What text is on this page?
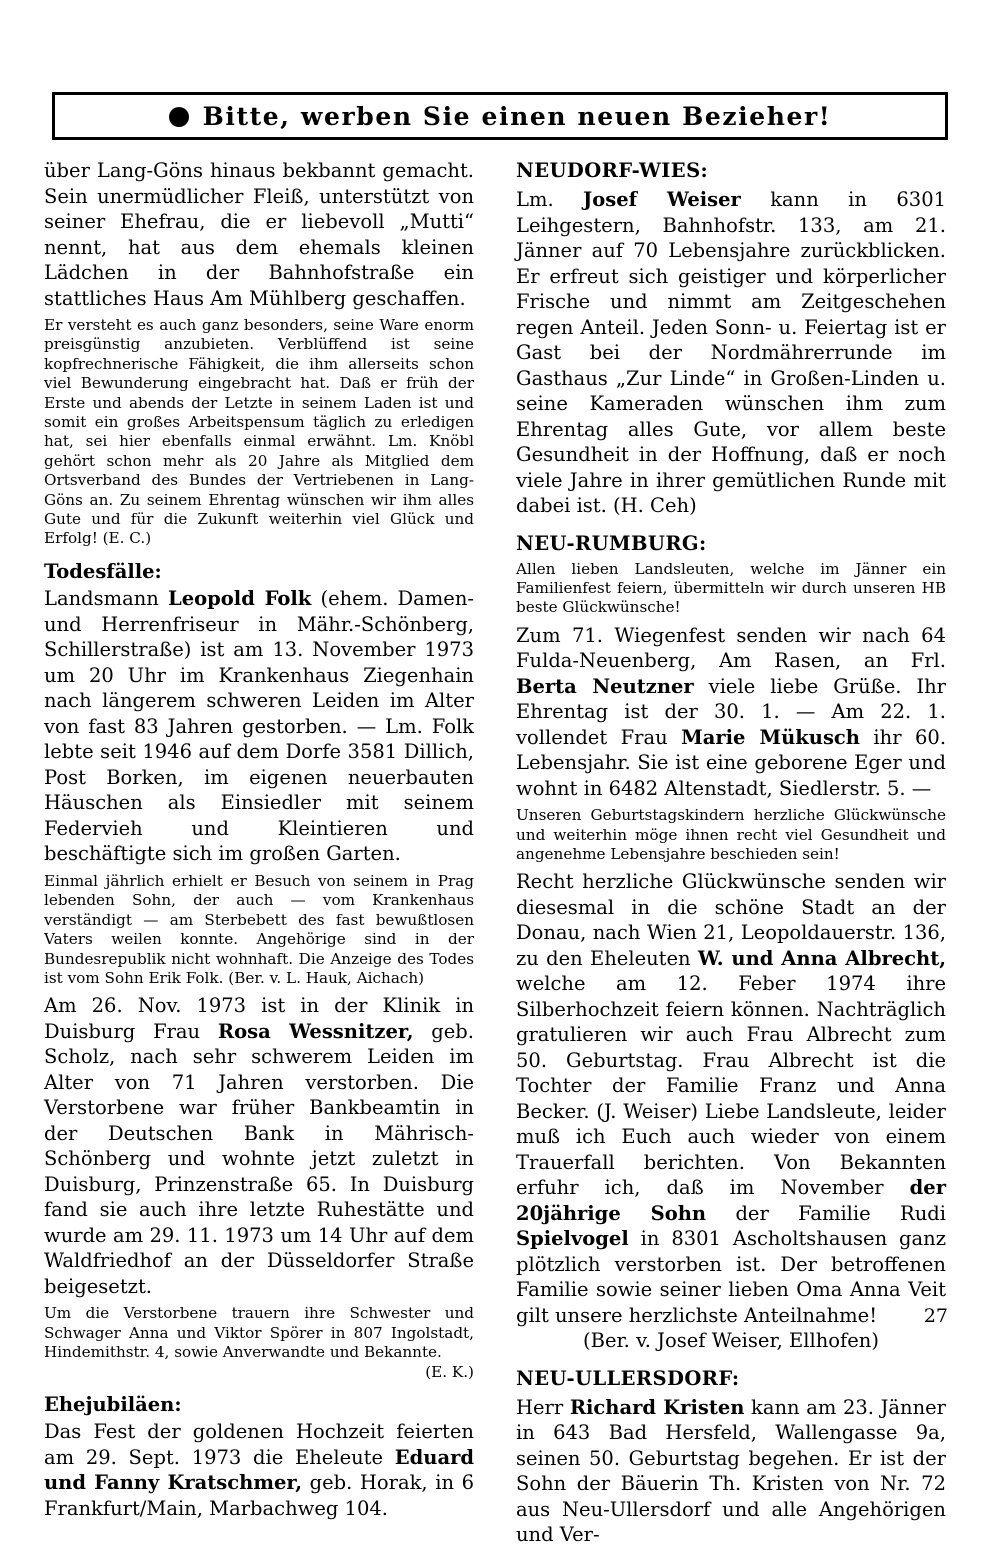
Bitte, werben Sie einen neuen Bezieher!

über Lang-Göns hinaus bekbannt gemacht. Sein unermüdlicher Fleiß, unterstützt von seiner Ehefrau, die er liebevoll „Mutti“ nennt, hat aus dem ehemals kleinen Lädchen in der Bahnhofstraße ein stattliches Haus Am Mühlberg geschaffen.

Er versteht es auch ganz besonders, seine Ware enorm preisgünstig anzubieten. Verblüffend ist seine kopfrechnerische Fähigkeit, die ihm allerseits schon viel Bewunderung eingebracht hat. Daß er früh der Erste und abends der Letzte in seinem Laden ist und somit ein großes Arbeitspensum täglich zu erledigen hat, sei hier ebenfalls einmal erwähnt. Lm. Knöbl gehört schon mehr als 20 Jahre als Mitglied dem Ortsverband des Bundes der Vertriebenen in Lang-Göns an. Zu seinem Ehrentag wünschen wir ihm alles Gute und für die Zukunft weiterhin viel Glück und Erfolg! (E. C.)

Todesfälle:

Landsmann Leopold Folk (ehem. Damen- und Herrenfriseur in Mähr.-Schönberg, Schillerstraße) ist am 13. November 1973 um 20 Uhr im Krankenhaus Ziegenhain nach längerem schweren Leiden im Alter von fast 83 Jahren gestorben. — Lm. Folk lebte seit 1946 auf dem Dorfe 3581 Dillich, Post Borken, im eigenen neuerbauten Häuschen als Einsiedler mit seinem Federvieh und Kleintieren und beschäftigte sich im großen Garten.

Einmal jährlich erhielt er Besuch von seinem in Prag lebenden Sohn, der auch — vom Krankenhaus verständigt — am Sterbebett des fast bewußtlosen Vaters weilen konnte. Angehörige sind in der Bundesrepublik nicht wohnhaft. Die Anzeige des Todes ist vom Sohn Erik Folk. (Ber. v. L. Hauk, Aichach)

Am 26. Nov. 1973 ist in der Klinik in Duisburg Frau Rosa Wessnitzer, geb. Scholz, nach sehr schwerem Leiden im Alter von 71 Jahren verstorben. Die Verstorbene war früher Bankbeamtin in der Deutschen Bank in Mährisch-Schönberg und wohnte jetzt zuletzt in Duisburg, Prinzenstraße 65. In Duisburg fand sie auch ihre letzte Ruhestätte und wurde am 29. 11. 1973 um 14 Uhr auf dem Waldfriedhof an der Düsseldorfer Straße beigesetzt.

Um die Verstorbene trauern ihre Schwester und Schwager Anna und Viktor Spörer in 807 Ingolstadt, Hindemithstr. 4, sowie Anverwandte und Bekannte.

(E. K.)

Ehejubiläen:

Das Fest der goldenen Hochzeit feierten am 29. Sept. 1973 die Eheleute Eduard und Fanny Kratschmer, geb. Horak, in 6 Frankfurt/Main, Marbachweg 104.

NEUDORF-WIES:

Lm. Josef Weiser kann in 6301 Leihgestern, Bahnhofstr. 133, am 21. Jänner auf 70 Lebensjahre zurückblicken. Er erfreut sich geistiger und körperlicher Frische und nimmt am Zeitgeschehen regen Anteil. Jeden Sonn- u. Feiertag ist er Gast bei der Nordmährerrunde im Gasthaus „Zur Linde“ in Großen-Linden u. seine Kameraden wünschen ihm zum Ehrentag alles Gute, vor allem beste Gesundheit in der Hoffnung, daß er noch viele Jahre in ihrer gemütlichen Runde mit dabei ist. (H. Ceh)

NEU-RUMBURG:

Allen lieben Landsleuten, welche im Jänner ein Familienfest feiern, übermitteln wir durch unseren HB beste Glückwünsche!

Zum 71. Wiegenfest senden wir nach 64 Fulda-Neuenberg, Am Rasen, an Frl. Berta Neutzner viele liebe Grüße. Ihr Ehrentag ist der 30. 1. — Am 22. 1. vollendet Frau Marie Mükusch ihr 60. Lebensjahr. Sie ist eine geborene Eger und wohnt in 6482 Altenstadt, Siedlerstr. 5. —

Unseren Geburtstagskindern herzliche Glückwünsche und weiterhin möge ihnen recht viel Gesundheit und angenehme Lebensjahre beschieden sein!

Recht herzliche Glückwünsche senden wir diesesmal in die schöne Stadt an der Donau, nach Wien 21, Leopoldauerstr. 136, zu den Eheleuten W. und Anna Albrecht, welche am 12. Feber 1974 ihre Silberhochzeit feiern können. Nachträglich gratulieren wir auch Frau Albrecht zum 50. Geburtstag. Frau Albrecht ist die Tochter der Familie Franz und Anna Becker. (J. Weiser) Liebe Landsleute, leider muß ich Euch auch wieder von einem Trauerfall berichten. Von Bekannten erfuhr ich, daß im November der 20jährige Sohn der Familie Rudi Spielvogel in 8301 Ascholtshausen ganz plötzlich verstorben ist. Der betroffenen Familie sowie seiner lieben Oma Anna Veit gilt unsere herzlichste Anteilnahme!

(Ber. v. Josef Weiser, Ellhofen)

NEU-ULLERSDORF:

Herr Richard Kristen kann am 23. Jänner in 643 Bad Hersfeld, Wallengasse 9a, seinen 50. Geburtstag begehen. Er ist der Sohn der Bäuerin Th. Kristen von Nr. 72 aus Neu-Ullersdorf und alle Angehörigen und Ver-

27
